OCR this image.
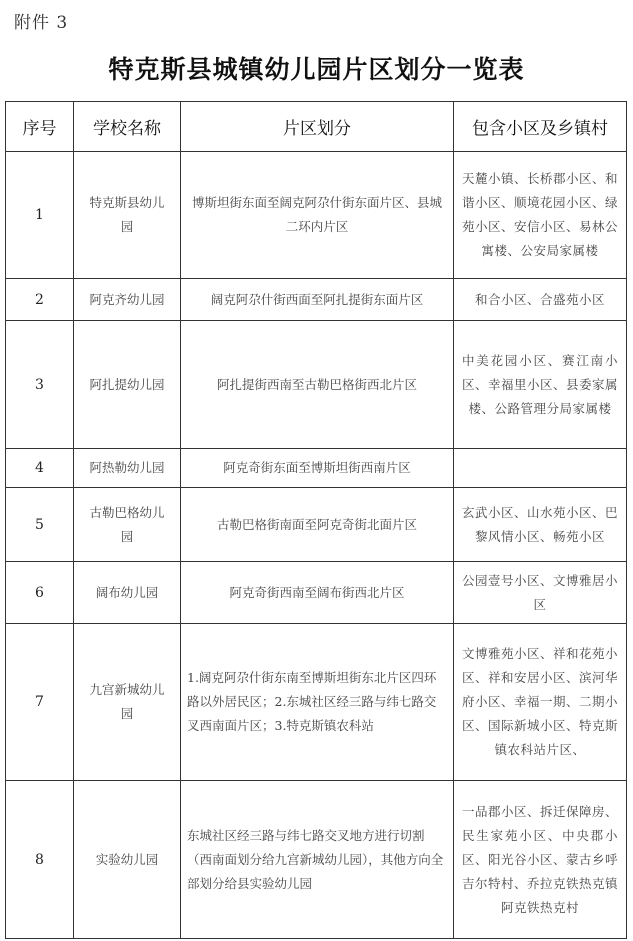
附件 3
特克斯县城镇幼儿园片区划分一览表
序号	学校名称	片区划分	包含小区及乡镇村
1	特克斯县幼儿园	博斯坦街东面至阔克阿尕什街东面片区、县城二环内片区	天麓小镇、长桥郡小区、和谐小区、顺境花园小区、绿苑小区、安信小区、易林公寓楼、公安局家属楼
2	阿克齐幼儿园	阔克阿尕什街西面至阿扎提街东面片区	和合小区、合盛苑小区
3	阿扎提幼儿园	阿扎提街西南至古勒巴格街西北片区	中美花园小区、赛江南小区、幸福里小区、县委家属楼、公路管理分局家属楼
4	阿热勒幼儿园	阿克奇街东面至博斯坦街西南片区	
5	古勒巴格幼儿园	古勒巴格街南面至阿克奇街北面片区	玄武小区、山水苑小区、巴黎风情小区、畅苑小区
6	阔布幼儿园	阿克奇街西南至阔布街西北片区	公园壹号小区、文博雅居小区
7	九宫新城幼儿园	1.阔克阿尕什街东南至博斯坦街东北片区四环路以外居民区；2.东城社区经三路与纬七路交叉西南面片区；3.特克斯镇农科站	文博雅苑小区、祥和花苑小区、祥和安居小区、滨河华府小区、幸福一期、二期小区、国际新城小区、特克斯镇农科站片区、
8	实验幼儿园	东城社区经三路与纬七路交叉地方进行切割（西南面划分给九宫新城幼儿园），其他方向全部划分给县实验幼儿园	一品郡小区、拆迁保障房、民生家苑小区、中央郡小区、阳光谷小区、蒙古乡呼吉尔特村、乔拉克铁热克镇阿克铁热克村
